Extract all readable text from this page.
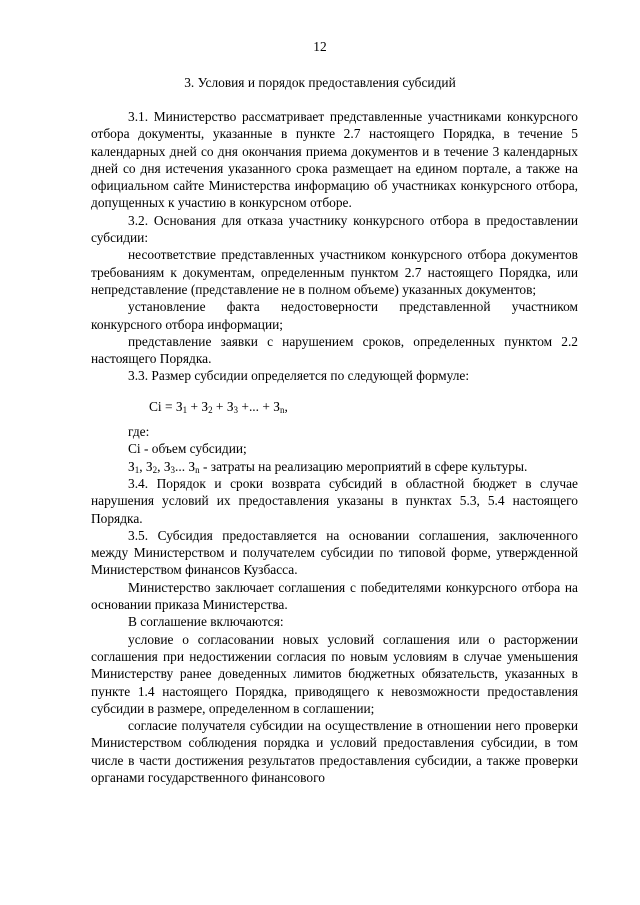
12
3. Условия и порядок предоставления субсидий

3.1. Министерство рассматривает представленные участниками конкурсного отбора документы, указанные в пункте 2.7 настоящего Порядка, в течение 5 календарных дней со дня окончания приема документов и в течение 3 календарных дней со дня истечения указанного срока размещает на едином портале, а также на официальном сайте Министерства информацию об участниках конкурсного отбора, допущенных к участию в конкурсном отборе.

3.2. Основания для отказа участнику конкурсного отбора в предоставлении субсидии:

несоответствие представленных участником конкурсного отбора документов требованиям к документам, определенным пунктом 2.7 настоящего Порядка, или непредставление (представление не в полном объеме) указанных документов;

установление факта недостоверности представленной участником конкурсного отбора информации;

представление заявки с нарушением сроков, определенных пунктом 2.2 настоящего Порядка.

3.3. Размер субсидии определяется по следующей формуле:

$Ci = З_1 + З_2 + З_3$ +... + $З_n$,

где:

Ci - объем субсидии;

$З_1$, $З_2$, $З_3$... $З_n$ - затраты на реализацию мероприятий в сфере культуры.

3.4. Порядок и сроки возврата субсидий в областной бюджет в случае нарушения условий их предоставления указаны в пунктах 5.3, 5.4 настоящего Порядка.

3.5. Субсидия предоставляется на основании соглашения, заключенного между Министерством и получателем субсидии по типовой форме, утвержденной Министерством финансов Кузбасса.

Министерство заключает соглашения с победителями конкурсного отбора на основании приказа Министерства.

В соглашение включаются:

условие о согласовании новых условий соглашения или о расторжении соглашения при недостижении согласия по новым условиям в случае уменьшения Министерству ранее доведенных лимитов бюджетных обязательств, указанных в пункте 1.4 настоящего Порядка, приводящего к невозможности предоставления субсидии в размере, определенном в соглашении;

согласие получателя субсидии на осуществление в отношении него проверки Министерством соблюдения порядка и условий предоставления субсидии, в том числе в части достижения результатов предоставления субсидии, а также проверки органами государственного финансового
